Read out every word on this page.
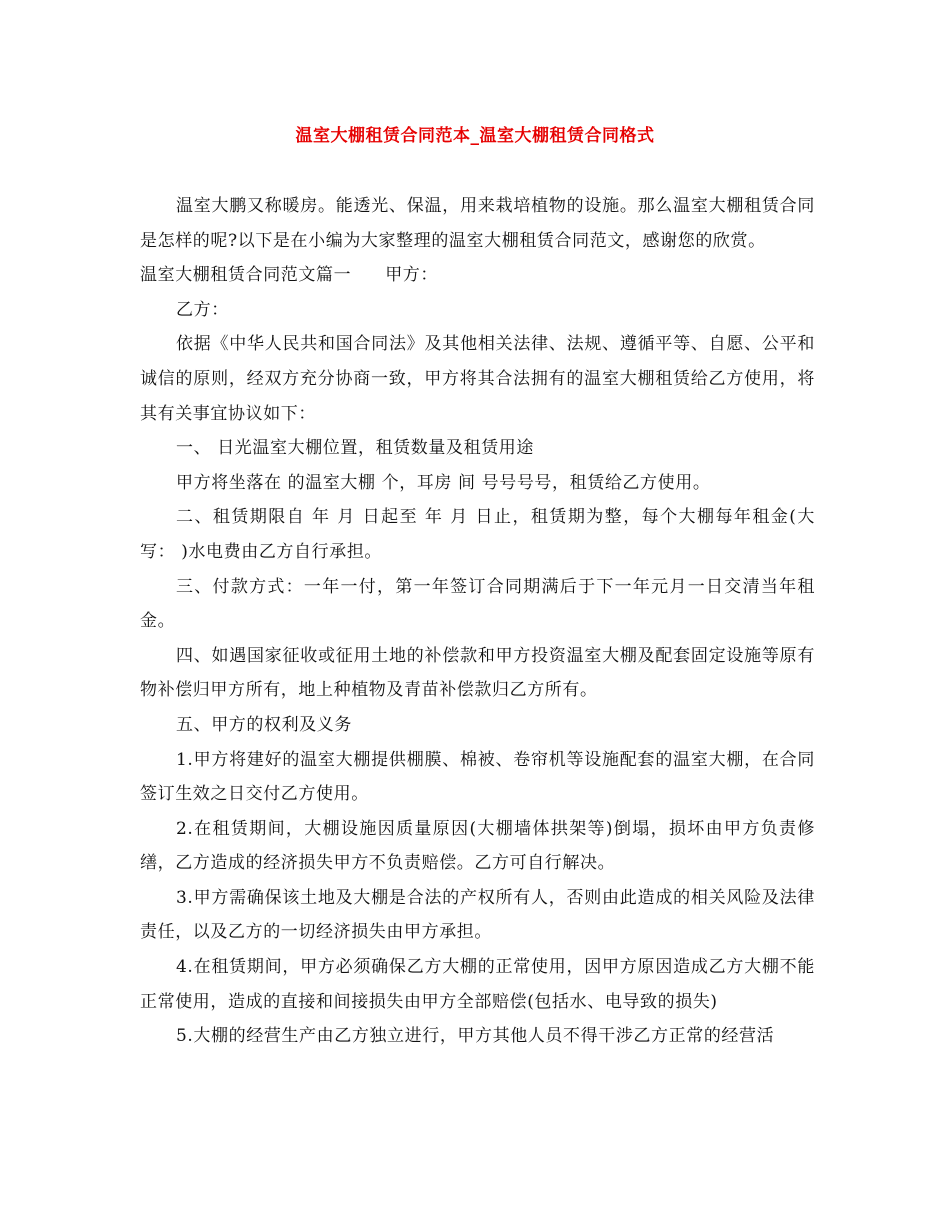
温室大棚租赁合同范本_温室大棚租赁合同格式

温室大鹏又称暖房。能透光、保温，用来栽培植物的设施。那么温室大棚租赁合同是怎样的呢?以下是在小编为大家整理的温室大棚租赁合同范文，感谢您的欣赏。

温室大棚租赁合同范文篇一 甲方：

乙方：

依据《中华人民共和国合同法》及其他相关法律、法规、遵循平等、自愿、公平和诚信的原则，经双方充分协商一致，甲方将其合法拥有的温室大棚租赁给乙方使用，将其有关事宜协议如下：

一、 日光温室大棚位置，租赁数量及租赁用途

甲方将坐落在 的温室大棚 个，耳房 间 号号号号，租赁给乙方使用。

二、租赁期限自 年 月 日起至 年 月 日止，租赁期为整，每个大棚每年租金(大写： )水电费由乙方自行承担。

三、付款方式：一年一付，第一年签订合同期满后于下一年元月一日交清当年租金。

四、如遇国家征收或征用土地的补偿款和甲方投资温室大棚及配套固定设施等原有物补偿归甲方所有，地上种植物及青苗补偿款归乙方所有。

五、甲方的权利及义务

1.甲方将建好的温室大棚提供棚膜、棉被、卷帘机等设施配套的温室大棚，在合同签订生效之日交付乙方使用。

2.在租赁期间，大棚设施因质量原因(大棚墙体拱架等)倒塌，损坏由甲方负责修缮，乙方造成的经济损失甲方不负责赔偿。乙方可自行解决。

3.甲方需确保该土地及大棚是合法的产权所有人，否则由此造成的相关风险及法律责任，以及乙方的一切经济损失由甲方承担。

4.在租赁期间，甲方必须确保乙方大棚的正常使用，因甲方原因造成乙方大棚不能正常使用，造成的直接和间接损失由甲方全部赔偿(包括水、电导致的损失)

5.大棚的经营生产由乙方独立进行，甲方其他人员不得干涉乙方正常的经营活
